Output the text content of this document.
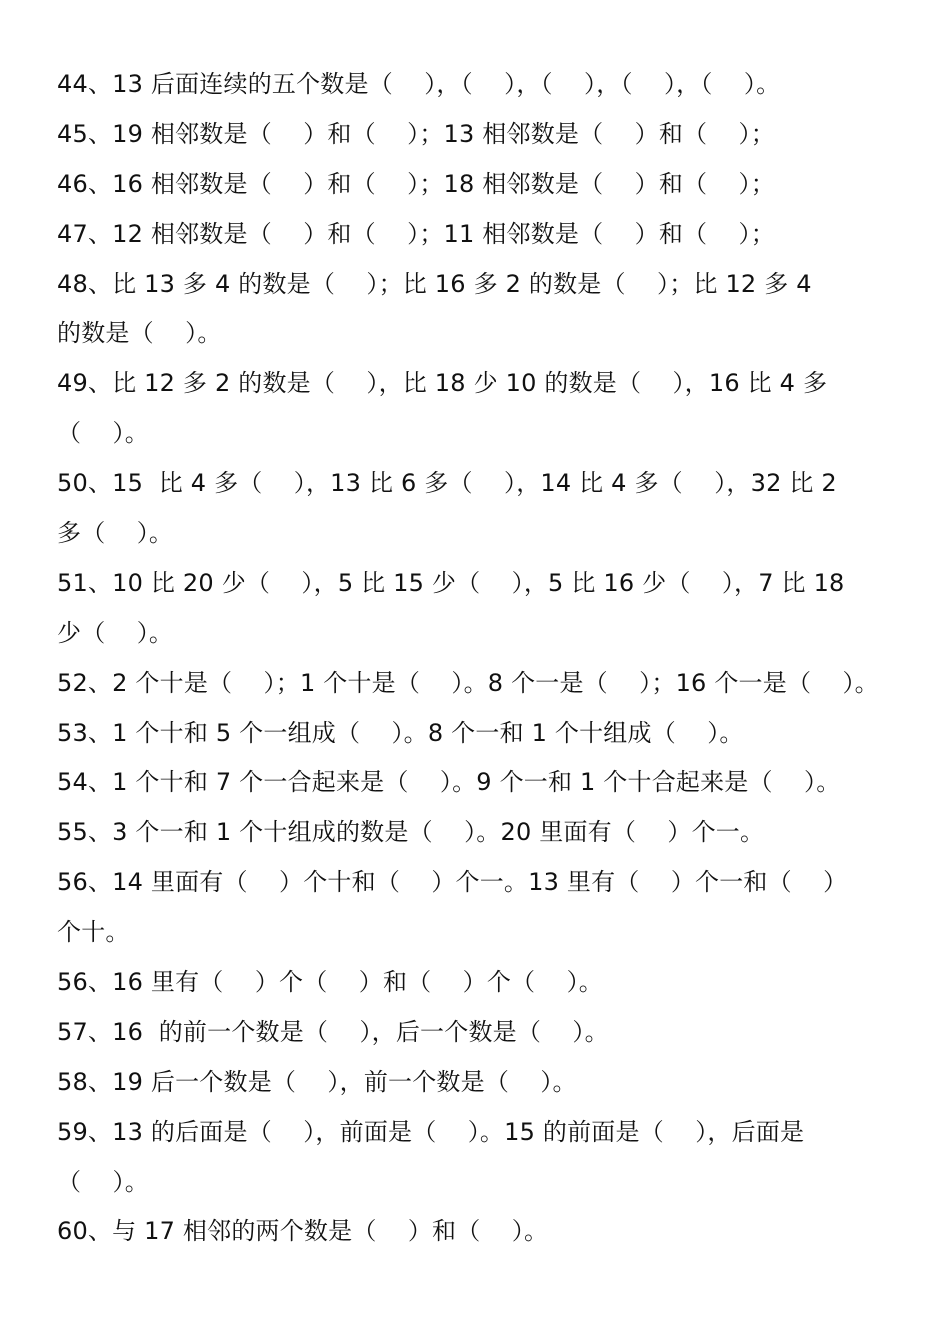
44、13 后面连续的五个数是（    ），（    ），（    ），（    ），（    ）。
45、19 相邻数是（    ）和（    ）；13 相邻数是（    ）和（    ）；
46、16 相邻数是（    ）和（    ）；18 相邻数是（    ）和（    ）；
47、12 相邻数是（    ）和（    ）；11 相邻数是（    ）和（    ）；
48、比 13 多 4 的数是（    ）；比 16 多 2 的数是（    ）；比 12 多 4
的数是（    ）。
49、比 12 多 2 的数是（    ），比 18 少 10 的数是（    ），16 比 4 多
（    ）。
50、15  比 4 多（    ），13 比 6 多（    ），14 比 4 多（    ），32 比 2
多（    ）。
51、10 比 20 少（    ），5 比 15 少（    ），5 比 16 少（    ），7 比 18
少（    ）。
52、2 个十是（    ）；1 个十是（    ）。8 个一是（    ）；16 个一是（    ）。
53、1 个十和 5 个一组成（    ）。8 个一和 1 个十组成（    ）。
54、1 个十和 7 个一合起来是（    ）。9 个一和 1 个十合起来是（    ）。
55、3 个一和 1 个十组成的数是（    ）。20 里面有（    ）个一。
56、14 里面有（    ）个十和（    ）个一。13 里有（    ）个一和（    ）
个十。
56、16 里有（    ）个（    ）和（    ）个（    ）。
57、16  的前一个数是（    ），后一个数是（    ）。
58、19 后一个数是（    ），前一个数是（    ）。
59、13 的后面是（    ），前面是（    ）。15 的前面是（    ），后面是
（    ）。
60、与 17 相邻的两个数是（    ）和（    ）。
